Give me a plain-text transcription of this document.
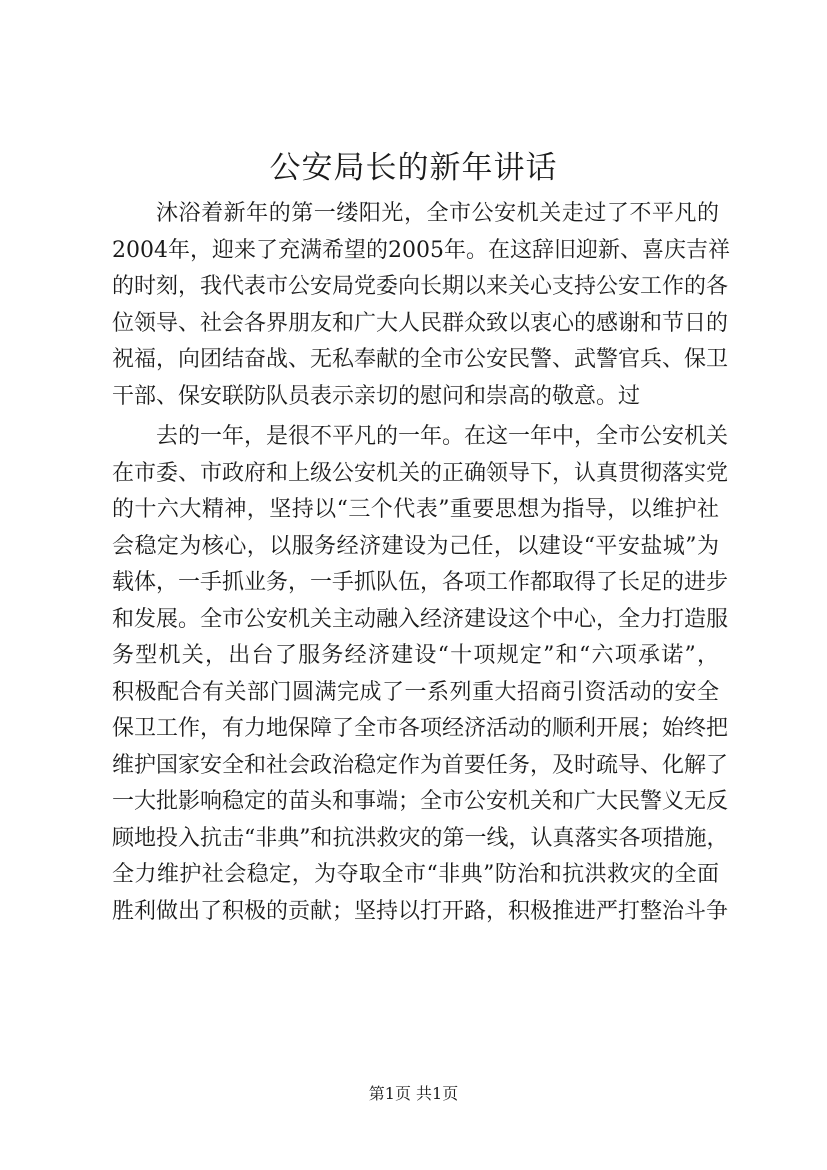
公安局长的新年讲话
沐浴着新年的第一缕阳光，全市公安机关走过了不平凡的
2004年，迎来了充满希望的2005年。在这辞旧迎新、喜庆吉祥
的时刻，我代表市公安局党委向长期以来关心支持公安工作的各
位领导、社会各界朋友和广大人民群众致以衷心的感谢和节日的
祝福，向团结奋战、无私奉献的全市公安民警、武警官兵、保卫
干部、保安联防队员表示亲切的慰问和崇高的敬意。过
去的一年，是很不平凡的一年。在这一年中，全市公安机关
在市委、市政府和上级公安机关的正确领导下，认真贯彻落实党
的十六大精神，坚持以“三个代表”重要思想为指导，以维护社
会稳定为核心，以服务经济建设为己任，以建设“平安盐城”为
载体，一手抓业务，一手抓队伍，各项工作都取得了长足的进步
和发展。全市公安机关主动融入经济建设这个中心，全力打造服
务型机关，出台了服务经济建设“十项规定”和“六项承诺”，
积极配合有关部门圆满完成了一系列重大招商引资活动的安全
保卫工作，有力地保障了全市各项经济活动的顺利开展；始终把
维护国家安全和社会政治稳定作为首要任务，及时疏导、化解了
一大批影响稳定的苗头和事端；全市公安机关和广大民警义无反
顾地投入抗击“非典”和抗洪救灾的第一线，认真落实各项措施，
全力维护社会稳定，为夺取全市“非典”防治和抗洪救灾的全面
胜利做出了积极的贡献；坚持以打开路，积极推进严打整治斗争
第1页 共1页
